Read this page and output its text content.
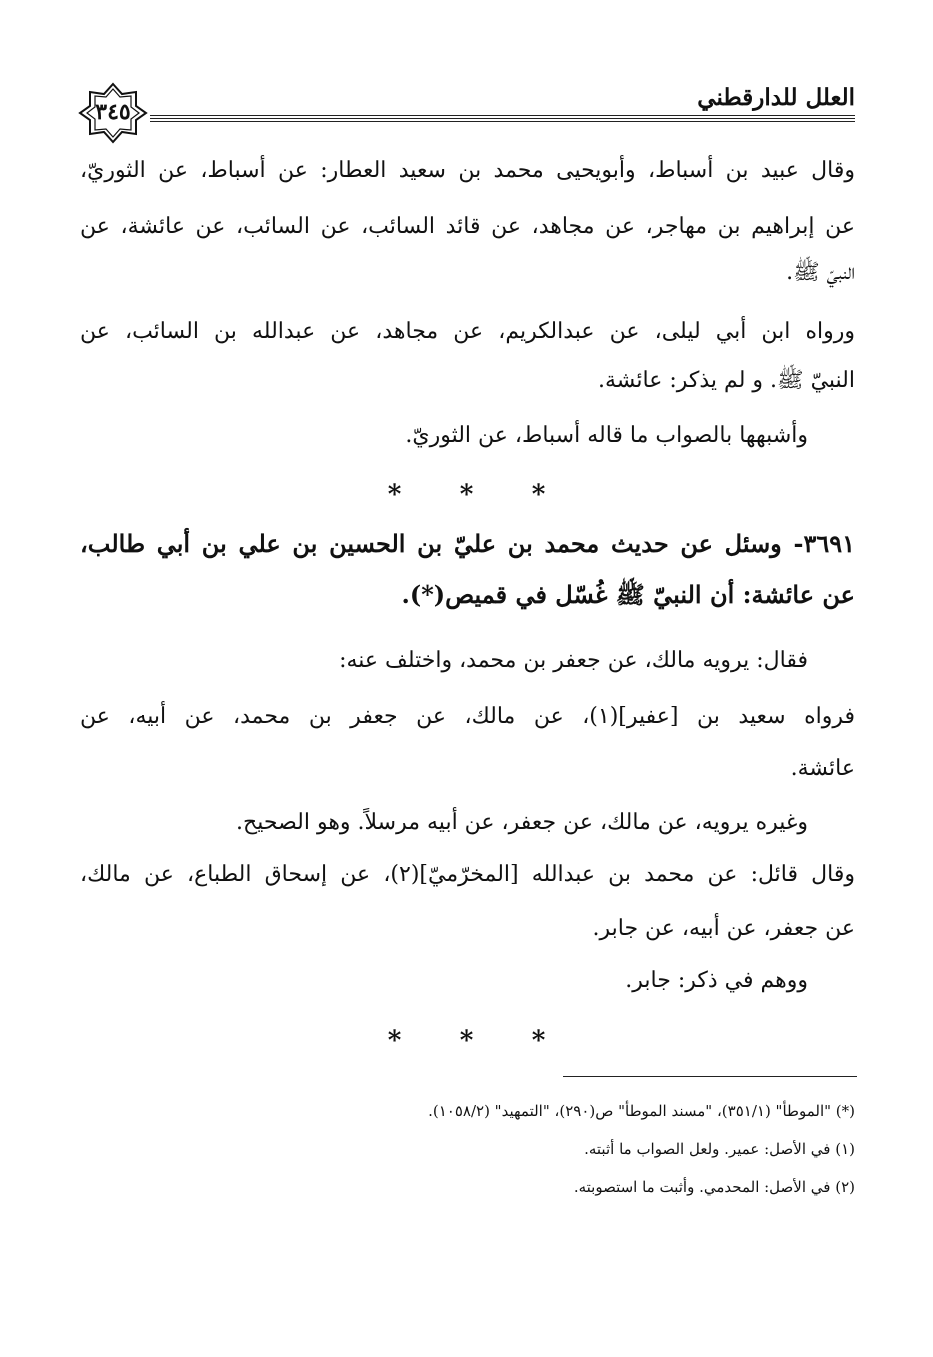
العلل للدارقطني
٣٤٥
وقال عبيد بن أسباط، وأبويحيى محمد بن سعيد العطار: عن أسباط، عن الثوريّ،
عن إبراهيم بن مهاجر، عن مجاهد، عن قائد السائب، عن السائب، عن عائشة، عن
النبيّ ﷺ.
ورواه ابن أبي ليلى، عن عبدالكريم، عن مجاهد، عن عبدالله بن السائب، عن
النبيّ ﷺ. و لم يذكر: عائشة.
وأشبهها بالصواب ما قاله أسباط، عن الثوريّ.
* * *
٣٦٩١- وسئل عن حديث محمد بن عليّ بن الحسين بن علي بن أبي طالب،
عن عائشة: أن النبيّ ﷺ غُسّل في قميص(*).
فقال: يرويه مالك، عن جعفر بن محمد، واختلف عنه:
فرواه سعيد بن [عفير](١)، عن مالك، عن جعفر بن محمد، عن أبيه، عن
عائشة.
وغيره يرويه، عن مالك، عن جعفر، عن أبيه مرسلاً. وهو الصحيح.
وقال قائل: عن محمد بن عبدالله [المخرّميّ](٢)، عن إسحاق الطباع، عن مالك،
عن جعفر، عن أبيه، عن جابر.
ووهم في ذكر: جابر.
* * *
(*) "الموطأ" (٣٥١/١)، "مسند الموطأ" ص(٢٩٠)، "التمهيد" (١٠٥٨/٢).
(١) في الأصل: عمير. ولعل الصواب ما أثبته.
(٢) في الأصل: المحدمي. وأثبت ما استصوبته.
